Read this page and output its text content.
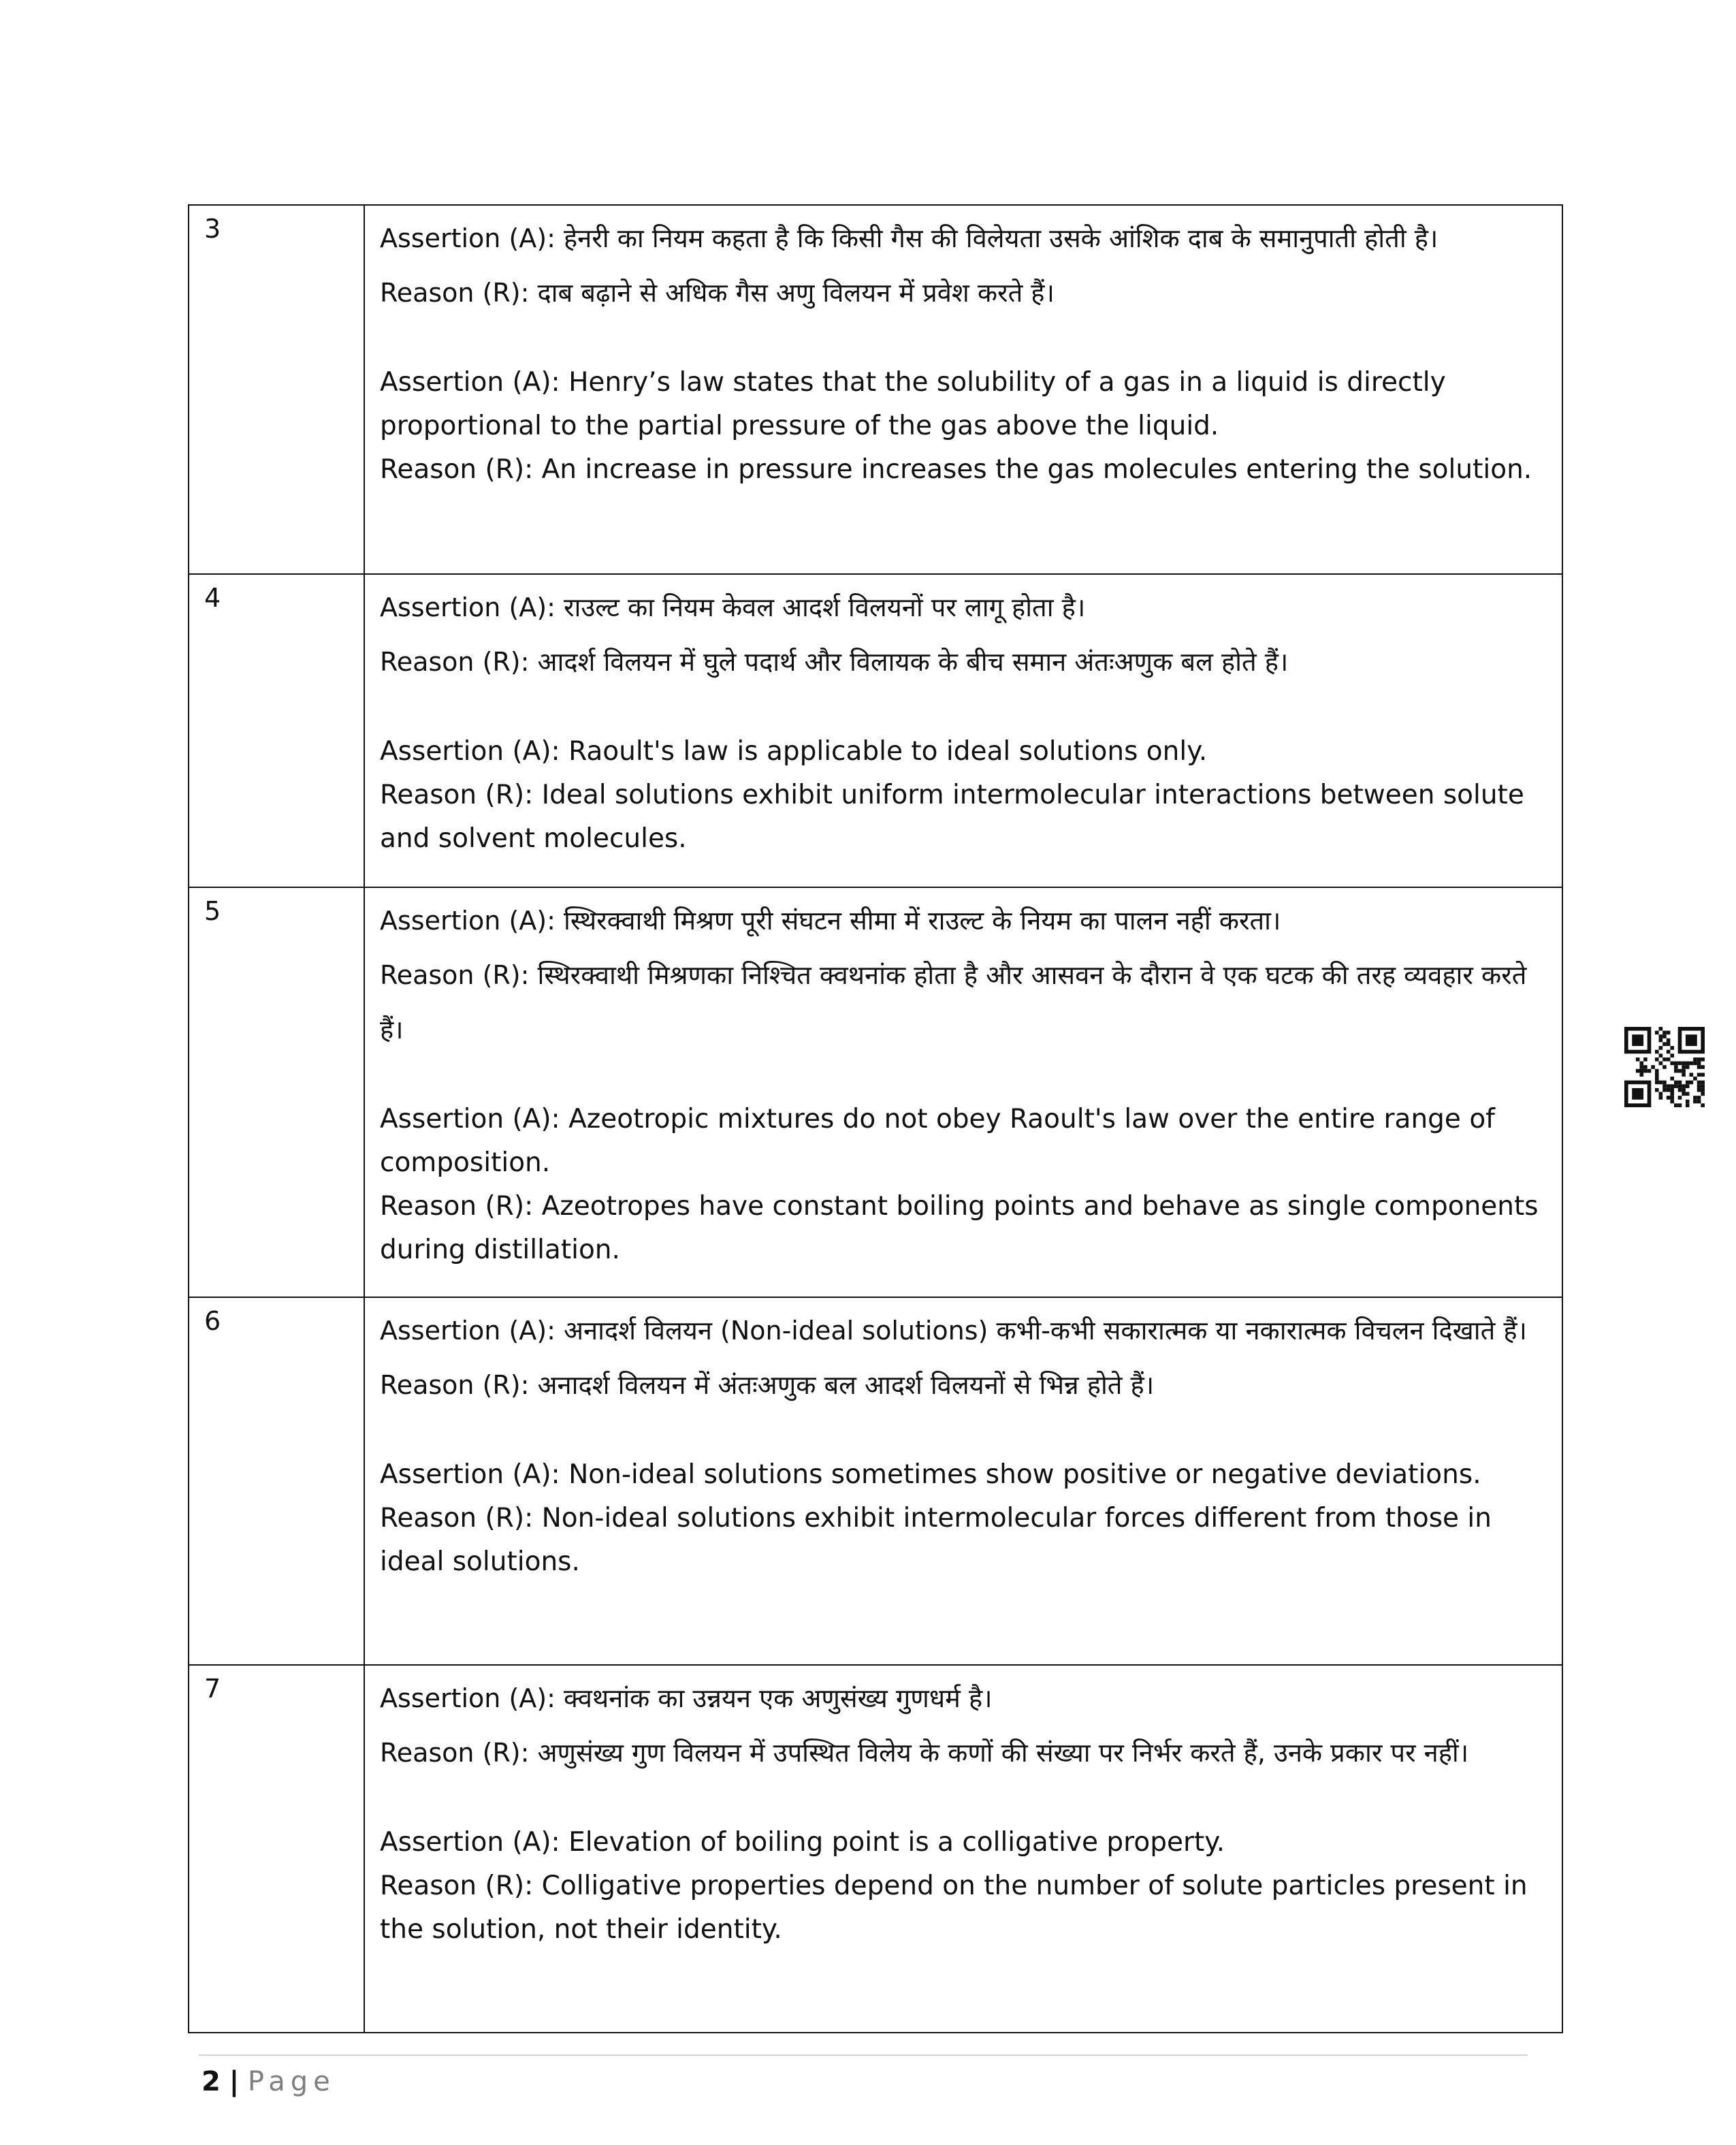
3	Assertion (A): हेनरी का नियम कहता है कि किसी गैस की विलेयता उसके आंशिक दाब के समानुपाती होती है।
Reason (R): दाब बढ़ाने से अधिक गैस अणु विलयन में प्रवेश करते हैं।
Assertion (A): Henry’s law states that the solubility of a gas in a liquid is directly proportional to the partial pressure of the gas above the liquid.
Reason (R): An increase in pressure increases the gas molecules entering the solution.
4	Assertion (A): राउल्ट का नियम केवल आदर्श विलयनों पर लागू होता है।
Reason (R): आदर्श विलयन में घुले पदार्थ और विलायक के बीच समान अंतःअणुक बल होते हैं।
Assertion (A): Raoult's law is applicable to ideal solutions only.
Reason (R): Ideal solutions exhibit uniform intermolecular interactions between solute and solvent molecules.
5	Assertion (A): स्थिरक्वाथी मिश्रण पूरी संघटन सीमा में राउल्ट के नियम का पालन नहीं करता।
Reason (R): स्थिरक्वाथी मिश्रणका निश्चित क्वथनांक होता है और आसवन के दौरान वे एक घटक की तरह व्यवहार करते हैं।
Assertion (A): Azeotropic mixtures do not obey Raoult's law over the entire range of composition.
Reason (R): Azeotropes have constant boiling points and behave as single components during distillation.
6	Assertion (A): अनादर्श विलयन (Non-ideal solutions) कभी-कभी सकारात्मक या नकारात्मक विचलन दिखाते हैं।
Reason (R): अनादर्श विलयन में अंतःअणुक बल आदर्श विलयनों से भिन्न होते हैं।
Assertion (A): Non-ideal solutions sometimes show positive or negative deviations.
Reason (R): Non-ideal solutions exhibit intermolecular forces different from those in ideal solutions.
7	Assertion (A): क्वथनांक का उन्नयन एक अणुसंख्य गुणधर्म है।
Reason (R): अणुसंख्य गुण विलयन में उपस्थित विलेय के कणों की संख्या पर निर्भर करते हैं, उनके प्रकार पर नहीं।
Assertion (A): Elevation of boiling point is a colligative property.
Reason (R): Colligative properties depend on the number of solute particles present in the solution, not their identity.
2 | Page
